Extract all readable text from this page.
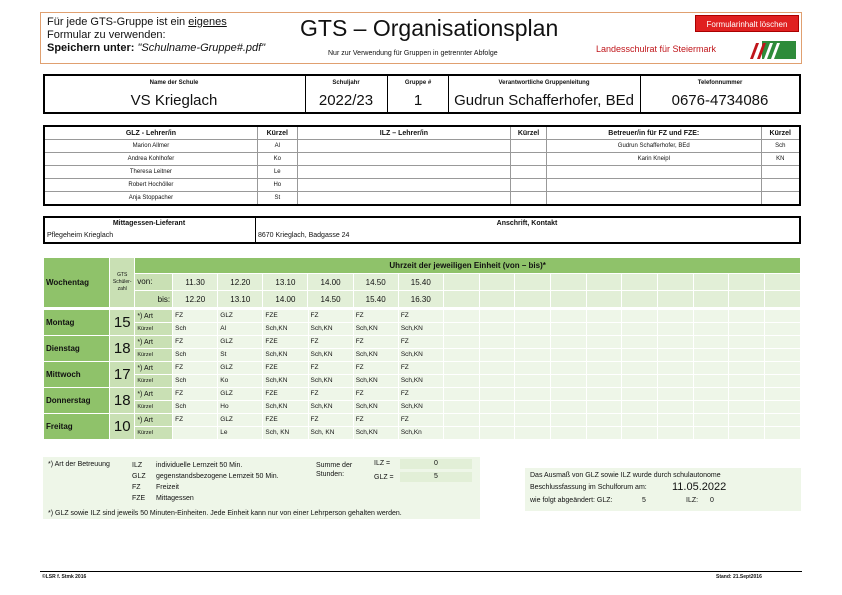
Für jede GTS-Gruppe ist ein eigenes
Formular zu verwenden:
Speichern unter: "Schulname-Gruppe#.pdf"
GTS – Organisationsplan
Nur zur Verwendung für Gruppen in getrennter Abfolge
Formularinhalt löschen
Landesschulrat für Steiermark
Name der Schule	Schuljahr	Gruppe #	Verantwortliche Gruppenleitung	Telefonnummer
VS Krieglach	2022/23	1	Gudrun Schafferhofer, BEd	0676-4734086
GLZ - Lehrer/in	Kürzel	ILZ – Lehrer/in	Kürzel	Betreuer/in für FZ und FZE:	Kürzel
Marion Allmer	Al			Gudrun Schafferhofer, BEd	Sch
Andrea Kohlhofer	Ko			Karin Kneipl	KN
Theresa Leitner	Le				
Robert Hochöller	Ho				
Anja Stoppacher	St				
Mittagessen-Lieferant	Anschrift, Kontakt
Pflegeheim Krieglach	8670 Krieglach, Badgasse 24
Wochentag	GTS
Schüler-
zahl	Uhrzeit der jeweiligen Einheit (von – bis)*																
		von:	11.30	12.20	13.10	14.00	14.50	15.40										
		bis:	12.20	13.10	14.00	14.50	15.40	16.30										
Montag	15	*) Art	FZ	GLZ	FZE	FZ	FZ	FZ										
		Kürzel	Sch	Al	Sch,KN	Sch,KN	Sch,KN	Sch,KN										
Dienstag	18	*) Art	FZ	GLZ	FZE	FZ	FZ	FZ										
		Kürzel	Sch	St	Sch,KN	Sch,KN	Sch,KN	Sch,KN										
Mittwoch	17	*) Art	FZ	GLZ	FZE	FZ	FZ	FZ										
		Kürzel	Sch	Ko	Sch,KN	Sch,KN	Sch,KN	Sch,KN										
Donnerstag	18	*) Art	FZ	GLZ	FZE	FZ	FZ	FZ										
		Kürzel	Sch	Ho	Sch,KN	Sch,KN	Sch,KN	Sch,KN										
Freitag	10	*) Art	FZ	GLZ	FZE	FZ	FZ	FZ										
		Kürzel		Le	Sch, KN	Sch, KN	Sch,KN	Sch,Kn										
*) Art der Betreuung	ILZ individuelle Lernzeit 50 Min.
GLZ gegenstandsbezogene Lernzeit 50 Min.
FZ Freizeit
FZE Mittagessen
Summe der
Stunden:
ILZ =	0
GLZ =	5
*) GLZ sowie ILZ sind jeweils 50 Minuten-Einheiten. Jede Einheit kann nur von einer Lehrperson gehalten werden.
Das Ausmaß von GLZ sowie ILZ wurde durch schulautonome
Beschlussfassung im Schulforum am: 11.05.2022
wie folgt abgeändert: GLZ:	5	ILZ: 0
©LSR f. Stmk 2016	Stand: 21.Sept2016
